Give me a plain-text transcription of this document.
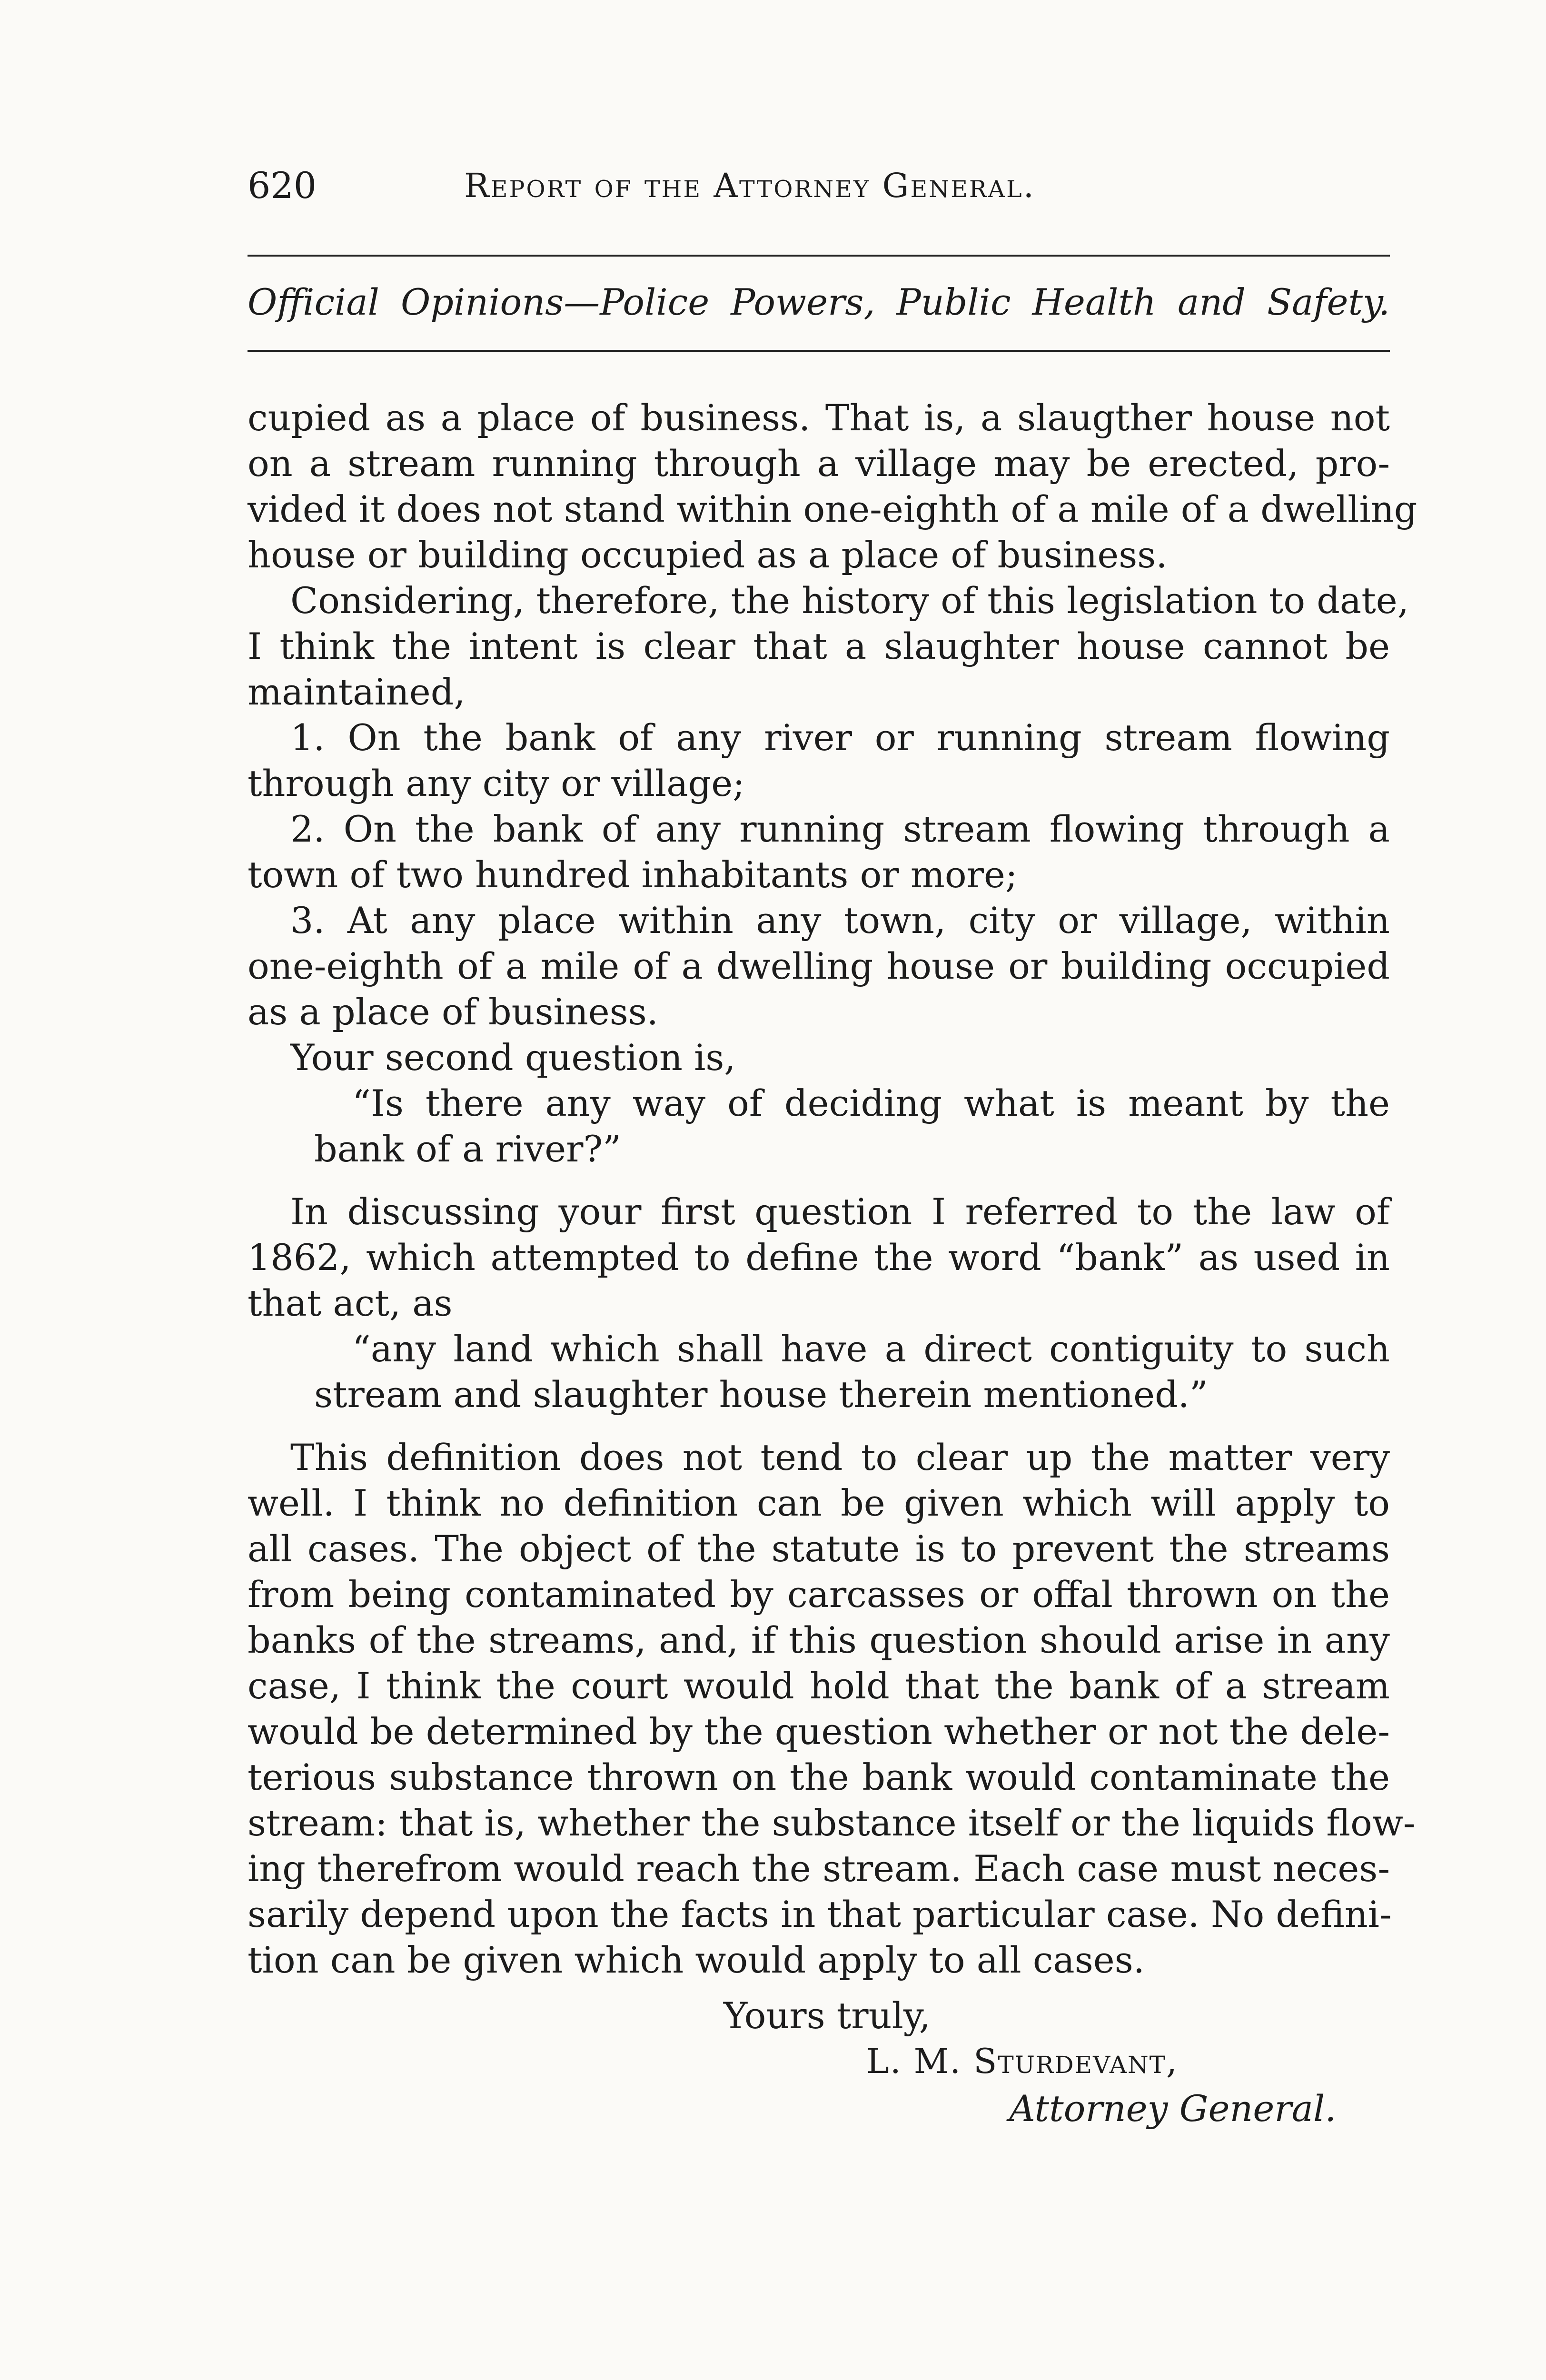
620	Report of the Attorney General.
Official Opinions—Police Powers, Public Health and Safety.
cupied as a place of business. That is, a slaugther house not
on a stream running through a village may be erected, pro-
vided it does not stand within one-eighth of a mile of a dwelling
house or building occupied as a place of business.
Considering, therefore, the history of this legislation to date,
I think the intent is clear that a slaughter house cannot be
maintained,
1. On the bank of any river or running stream flowing
through any city or village;
2. On the bank of any running stream flowing through a
town of two hundred inhabitants or more;
3. At any place within any town, city or village, within
one-eighth of a mile of a dwelling house or building occupied
as a place of business.
Your second question is,
“Is there any way of deciding what is meant by the
bank of a river?”
In discussing your first question I referred to the law of
1862, which attempted to define the word “bank” as used in
that act, as
“any land which shall have a direct contiguity to such
stream and slaughter house therein mentioned.”
This definition does not tend to clear up the matter very
well. I think no definition can be given which will apply to
all cases. The object of the statute is to prevent the streams
from being contaminated by carcasses or offal thrown on the
banks of the streams, and, if this question should arise in any
case, I think the court would hold that the bank of a stream
would be determined by the question whether or not the dele-
terious substance thrown on the bank would contaminate the
stream: that is, whether the substance itself or the liquids flow-
ing therefrom would reach the stream. Each case must neces-
sarily depend upon the facts in that particular case. No defini-
tion can be given which would apply to all cases.
Yours truly,
L. M. Sturdevant,
Attorney General.
